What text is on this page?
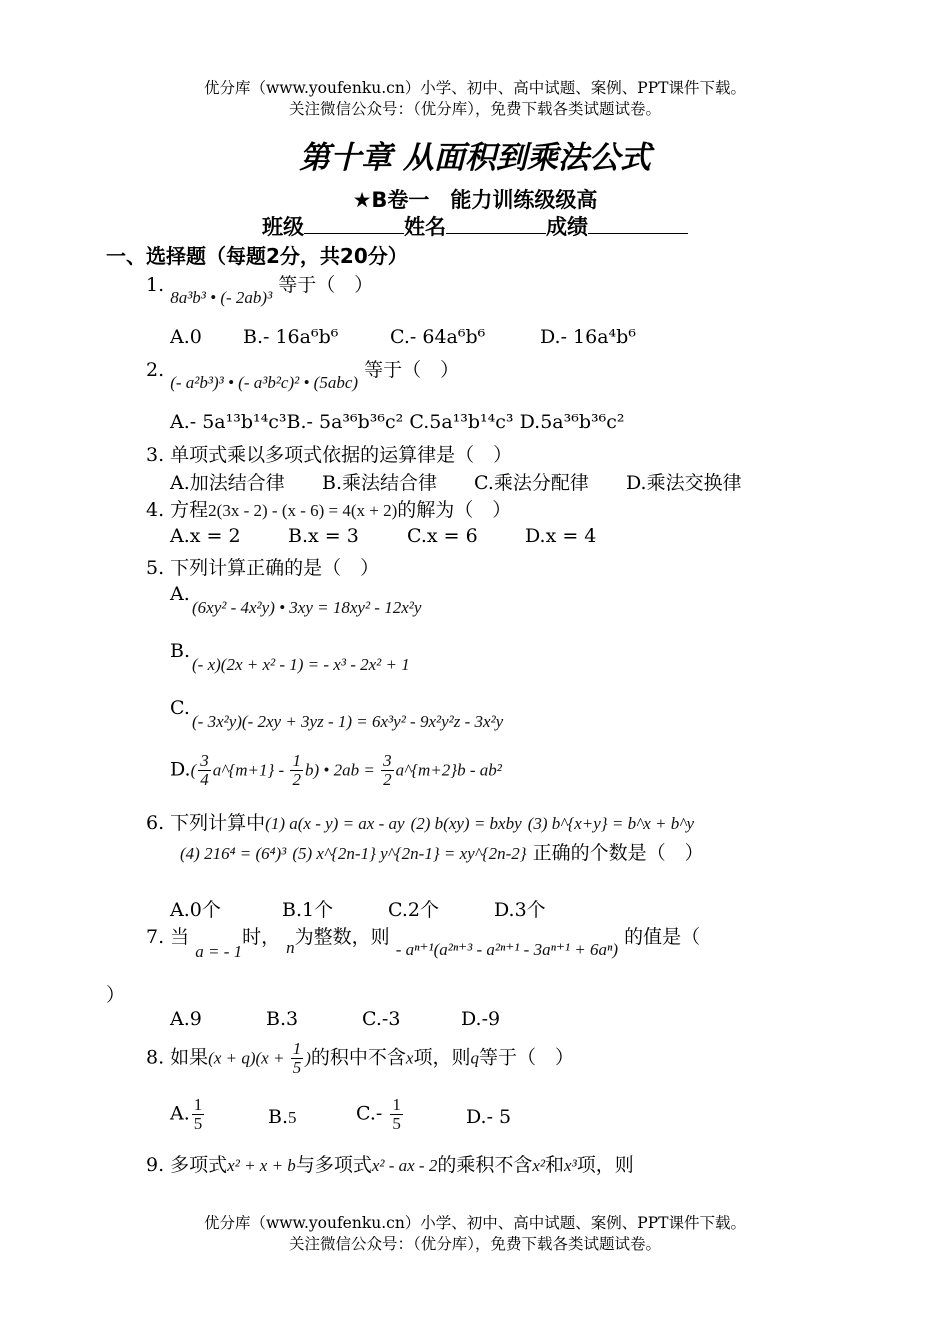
优分库（www.youfenku.cn）小学、初中、高中试题、案例、PPT课件下载。
关注微信公众号：（优分库），免费下载各类试题试卷。
第十章 从面积到乘法公式
★B卷一　能力训练级级高
班级	姓名	成绩
一、选择题（每题2分，共20分）
1. 8a³b³ • (- 2ab)³ 等于（　）
A.0 B.- 16a⁶b⁶	C.- 64a⁶b⁶	D.- 16a⁴b⁶
2. (- a²b³)³ • (- a³b²c)² • (5abc) 等于（　）
A.- 5a¹³b¹⁴c³B.- 5a³⁶b³⁶c² C.5a¹³b¹⁴c³ D.5a³⁶b³⁶c²
3. 单项式乘以多项式依据的运算律是（　）
A.加法结合律 B.乘法结合律 C.乘法分配律 D.乘法交换律
4. 方程2(3x - 2) - (x - 6) = 4(x + 2)的解为（　）
A.x = 2 B.x = 3	C.x = 6 D.x = 4
5. 下列计算正确的是（　）
A.
(6xy² - 4x²y) • 3xy = 18xy² - 12x²y
B.
(- x)(2x + x² - 1) = - x³ - 2x² + 1
C.
(- 3x²y)(- 2xy + 3yz - 1) = 6x³y² - 9x²y²z - 3x²y
$D.( \frac{3}{4}$ a^{m+1} - $\frac{1}{2} b$) • $2ab = \frac{3}{2}$ a^{m+2}b - ab²
6. 下列计算中(1) a(x - y) = ax - ay (2) b(xy) = bxby (3) b^{x+y} = b^x + b^y
(4) 216⁴ = (6⁴)³ (5) x^{2n-1} y^{2n-1} = xy^{2n-2} 正确的个数是（　）
A.0个	B.1个	C.2个	D.3个
7. 当 a = - 1时， n为整数，则 - aⁿ⁺¹(a²ⁿ⁺³ - a²ⁿ⁺¹ - 3aⁿ⁺¹ + 6aⁿ) 的值是（
）
A.9	B.3	C.-3	D.-9
8. 如果$(x + q)(x + \frac{1}{5}$ )的积中不含x项，则q等于（　）
A. $\frac{1}{5}$	B.5	$C.- \frac{1}{5}$	D.- 5
9. 多项式x² + x + b与多项式x² - ax - 2的乘积不含x²和x³项，则
优分库（www.youfenku.cn）小学、初中、高中试题、案例、PPT课件下载。
关注微信公众号：（优分库），免费下载各类试题试卷。
